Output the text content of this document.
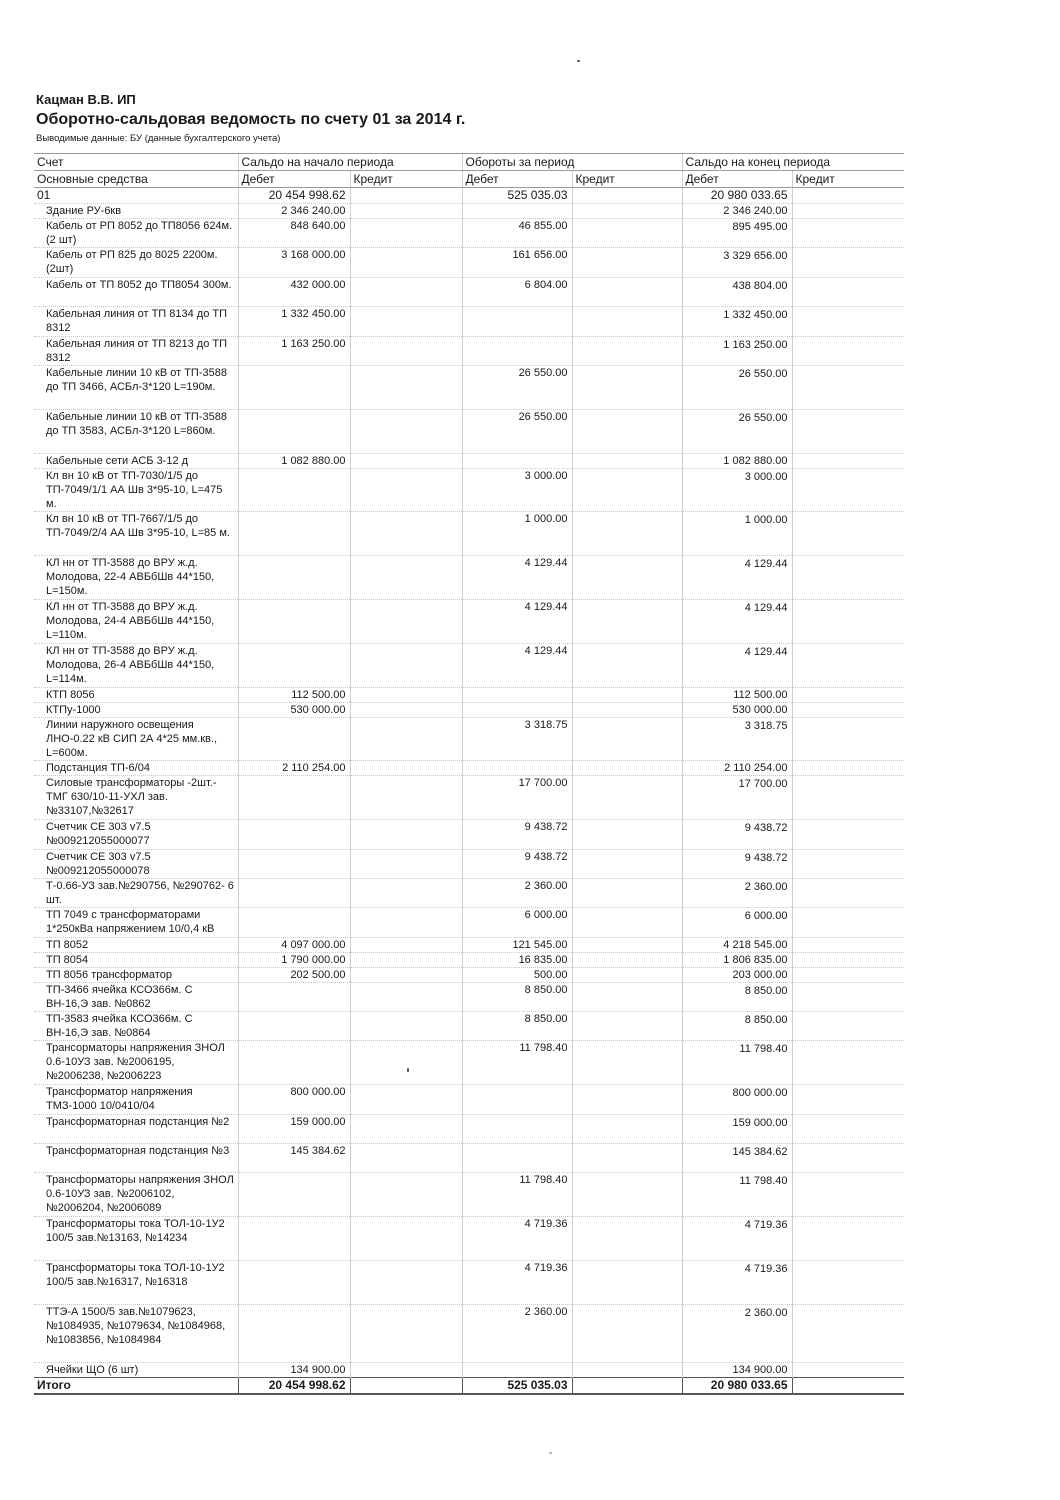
Кацман В.В. ИП
Оборотно-сальдовая ведомость по счету 01 за 2014 г.
Выводимые данные: БУ (данные бухгалтерского учета)
Счет	Сальдо на начало периода		Обороты за период		Сальдо на конец периода	
Основные средства	Дебет	Кредит	Дебет	Кредит	Дебет	Кредит
01	20 454 998.62		525 035.03		20 980 033.65	
Здание РУ-6кв	2 346 240.00				2 346 240.00	
Кабель от РП 8052 до ТП8056 624м. (2 шт)	848 640.00		46 855.00		895 495.00	
Кабель от РП 825 до 8025 2200м. (2шт)	3 168 000.00		161 656.00		3 329 656.00	
Кабель от ТП 8052 до ТП8054 300м.	432 000.00		6 804.00		438 804.00	
Кабельная линия от ТП 8134 до ТП 8312	1 332 450.00				1 332 450.00	
Кабельная линия от ТП 8213 до ТП 8312	1 163 250.00				1 163 250.00	
Кабельные линии 10 кВ от ТП-3588 до ТП 3466, АСБл-3*120 L=190м.			26 550.00		26 550.00	
Кабельные линии 10 кВ от ТП-3588 до ТП 3583, АСБл-3*120 L=860м.			26 550.00		26 550.00	
Кабельные сети АСБ 3-12 д	1 082 880.00				1 082 880.00	
Кл вн 10 кВ от ТП-7030/1/5 до ТП-7049/1/1 АА Шв 3*95-10, L=475 м.			3 000.00		3 000.00	
Кл вн 10 кВ от ТП-7667/1/5 до ТП-7049/2/4 АА Шв 3*95-10, L=85 м.			1 000.00		1 000.00	
КЛ нн от ТП-3588 до ВРУ ж.д. Молодова, 22-4 АВБбШв 44*150, L=150м.			4 129.44		4 129.44	
КЛ нн от ТП-3588 до ВРУ ж.д. Молодова, 24-4 АВБбШв 44*150, L=110м.			4 129.44		4 129.44	
КЛ нн от ТП-3588 до ВРУ ж.д. Молодова, 26-4 АВБбШв 44*150, L=114м.			4 129.44		4 129.44	
КТП 8056	112 500.00				112 500.00	
КТПу-1000	530 000.00				530 000.00	
Линии наружного освещения ЛНО-0.22 кВ СИП 2А 4*25 мм.кв., L=600м.			3 318.75		3 318.75	
Подстанция ТП-6/04	2 110 254.00				2 110 254.00	
Силовые трансформаторы -2шт.-ТМГ 630/10-11-УХЛ зав.№33107,№32617			17 700.00		17 700.00	
Счетчик СЕ 303 v7.5 №009212055000077			9 438.72		9 438.72	
Счетчик СЕ 303 v7.5 №009212055000078			9 438.72		9 438.72	
Т-0.66-УЗ зав.№290756, №290762- 6 шт.			2 360.00		2 360.00	
ТП 7049 с трансформаторами 1*250кВа напряжением 10/0,4 кВ			6 000.00		6 000.00	
ТП 8052	4 097 000.00		121 545.00		4 218 545.00	
ТП 8054	1 790 000.00		16 835.00		1 806 835.00	
ТП 8056 трансформатор	202 500.00		500.00		203 000.00	
ТП-3466 ячейка КСО366м. С ВН-16,Э зав. №0862			8 850.00		8 850.00	
ТП-3583 ячейка КСО366м. С ВН-16,Э зав. №0864			8 850.00		8 850.00	
Трансорматоры напряжения ЗНОЛ 0.6-10УЗ зав. №2006195, №2006238, №2006223			11 798.40		11 798.40	
Трансформатор напряжения ТМЗ-1000 10/0410/04	800 000.00				800 000.00	
Трансформаторная подстанция №2	159 000.00				159 000.00	
Трансформаторная подстанция №3	145 384.62				145 384.62	
Трансформаторы напряжения ЗНОЛ 0.6-10УЗ зав. №2006102, №2006204, №2006089			11 798.40		11 798.40	
Трансформаторы тока ТОЛ-10-1У2 100/5 зав.№13163, №14234			4 719.36		4 719.36	
Трансформаторы тока ТОЛ-10-1У2 100/5 зав.№16317, №16318			4 719.36		4 719.36	
ТТЭ-А 1500/5 зав.№1079623, №1084935, №1079634, №1084968, №1083856, №1084984			2 360.00		2 360.00	
Ячейки ЩО (6 шт)	134 900.00				134 900.00	
Итого	20 454 998.62		525 035.03		20 980 033.65	
